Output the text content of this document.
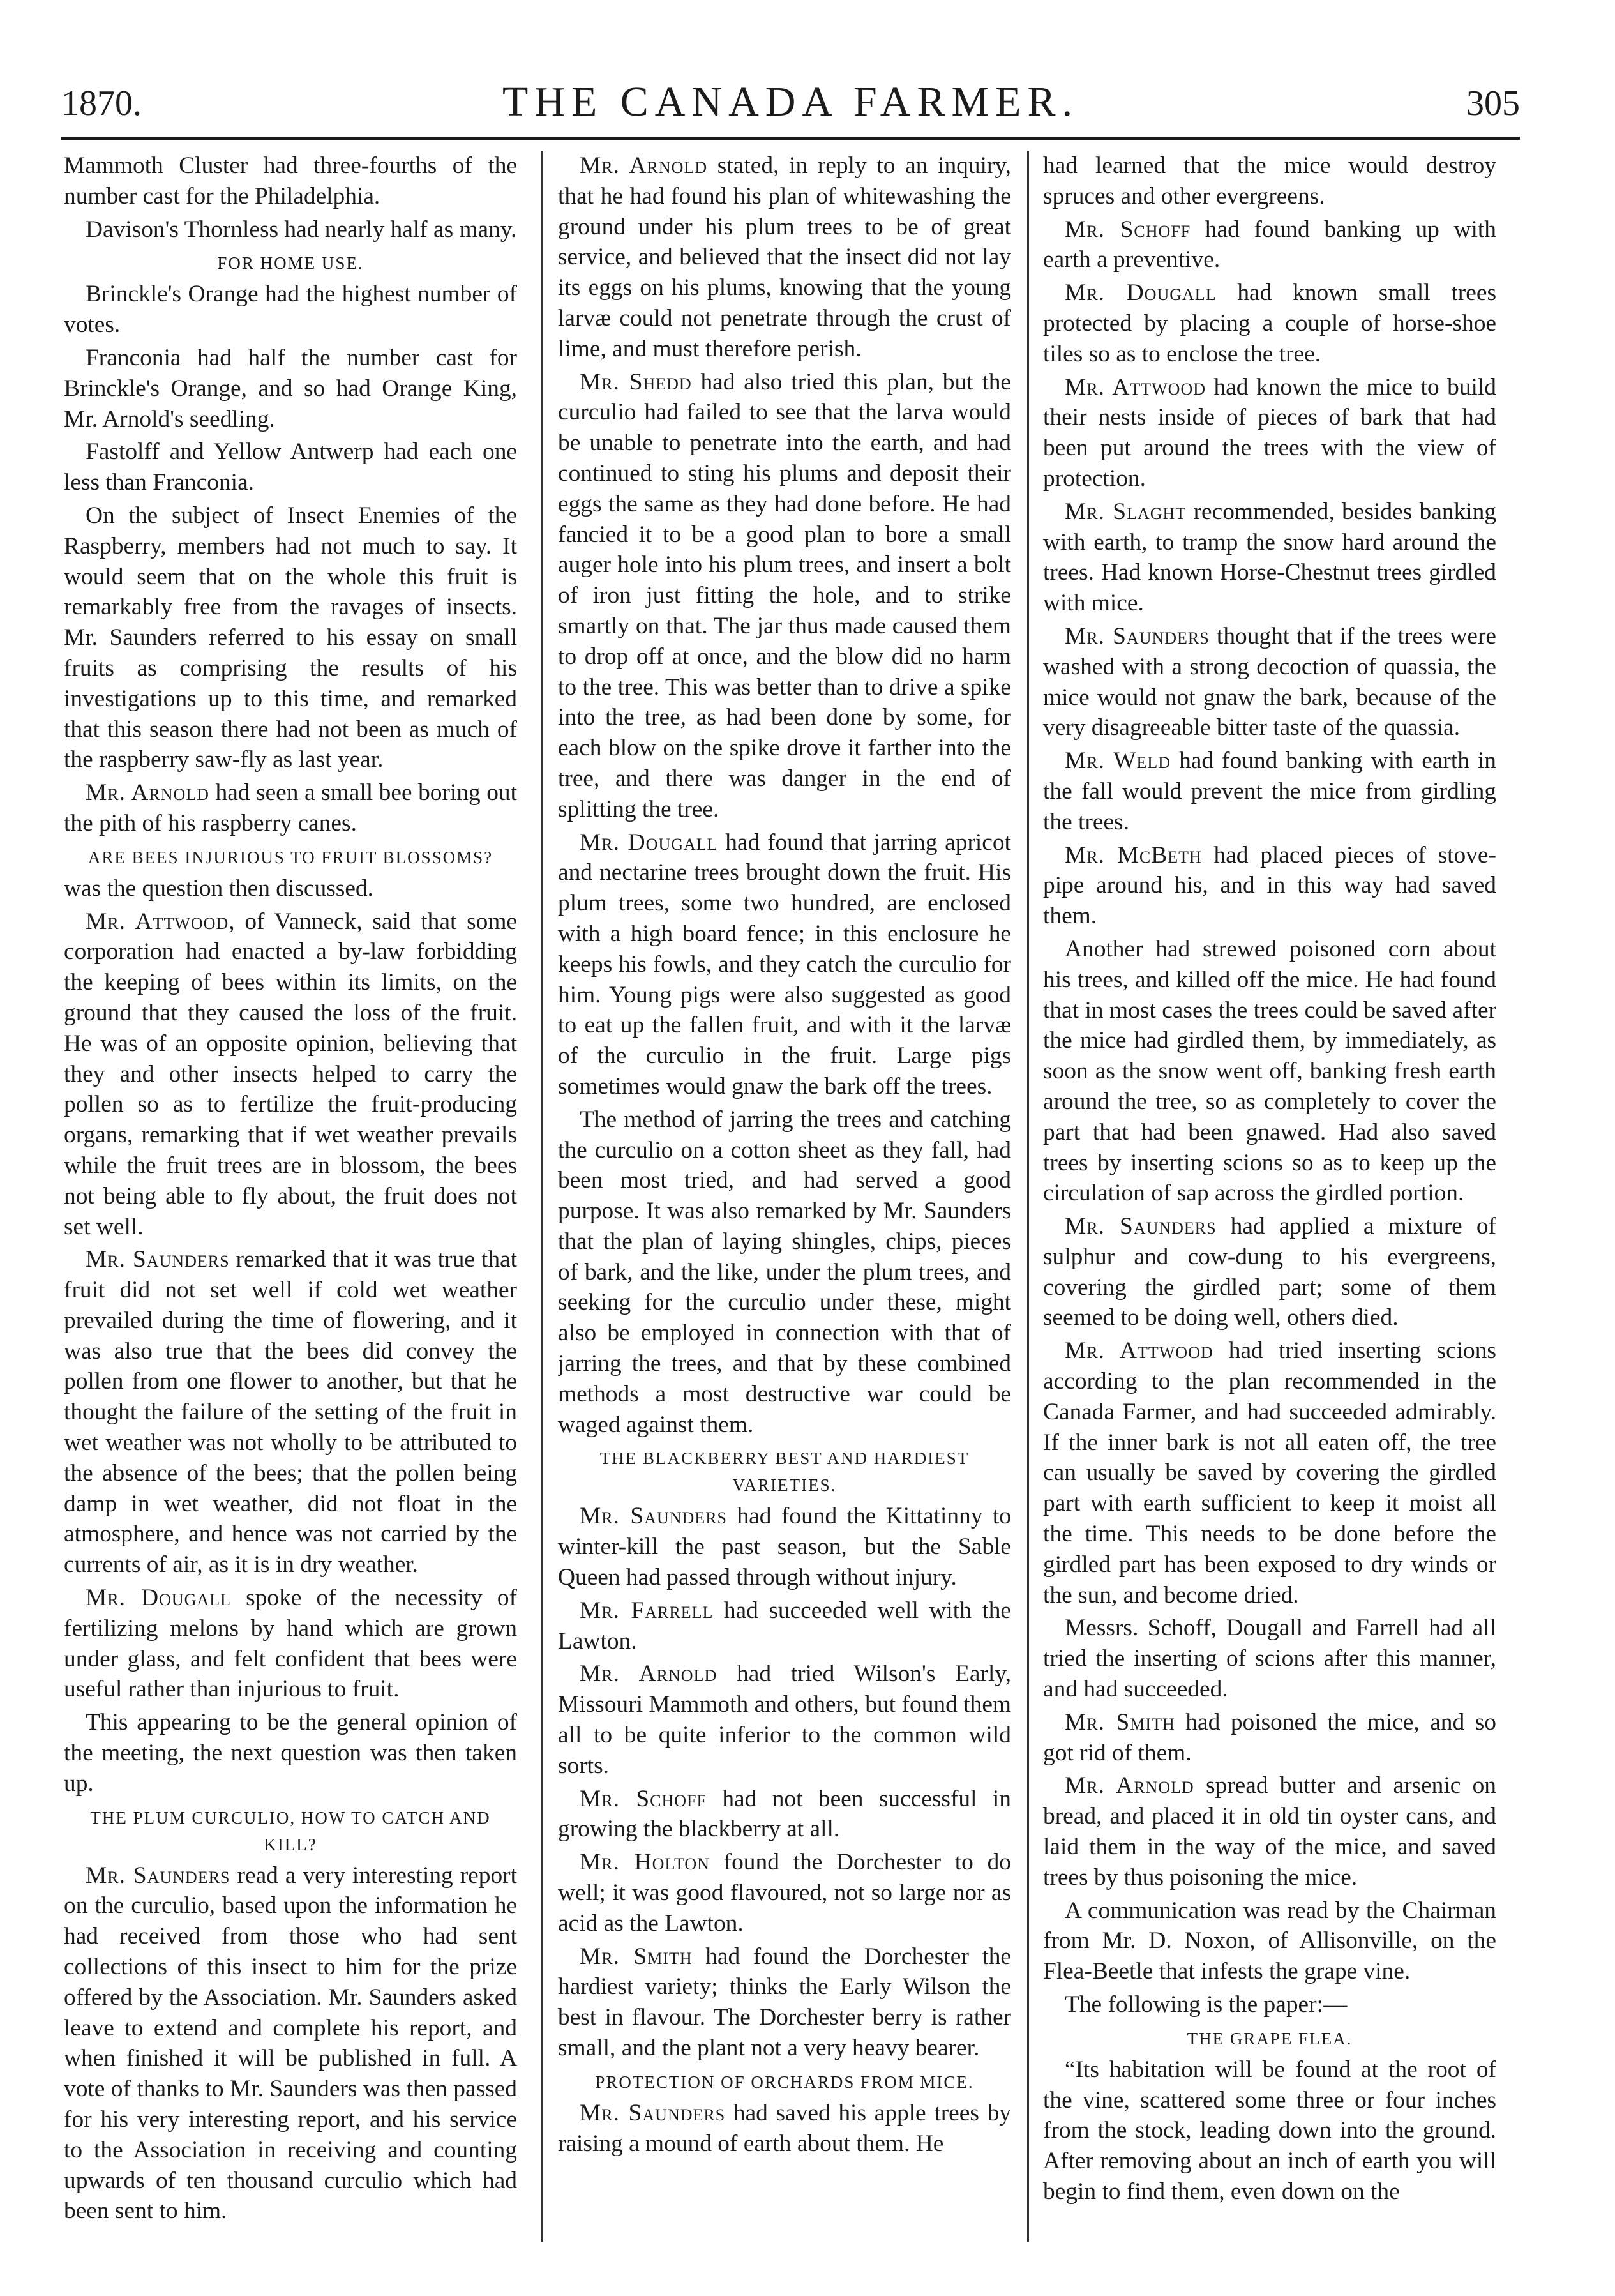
1870.	THE CANADA FARMER.	305

Mammoth Cluster had three-fourths of the number cast for the Philadelphia.

Davison's Thornless had nearly half as many.

FOR HOME USE.

Brinckle's Orange had the highest number of votes.

Franconia had half the number cast for Brinckle's Orange, and so had Orange King, Mr. Arnold's seedling.

Fastolff and Yellow Antwerp had each one less than Franconia.

On the subject of Insect Enemies of the Raspberry, members had not much to say. It would seem that on the whole this fruit is remarkably free from the ravages of insects. Mr. Saunders referred to his essay on small fruits as comprising the results of his investigations up to this time, and remarked that this season there had not been as much of the raspberry saw-fly as last year.

Mr. Arnold had seen a small bee boring out the pith of his raspberry canes.

ARE BEES INJURIOUS TO FRUIT BLOSSOMS?

was the question then discussed.

Mr. Attwood, of Vanneck, said that some corporation had enacted a by-law forbidding the keeping of bees within its limits, on the ground that they caused the loss of the fruit. He was of an opposite opinion, believing that they and other insects helped to carry the pollen so as to fertilize the fruit-producing organs, remarking that if wet weather prevails while the fruit trees are in blossom, the bees not being able to fly about, the fruit does not set well.

Mr. Saunders remarked that it was true that fruit did not set well if cold wet weather prevailed during the time of flowering, and it was also true that the bees did convey the pollen from one flower to another, but that he thought the failure of the setting of the fruit in wet weather was not wholly to be attributed to the absence of the bees; that the pollen being damp in wet weather, did not float in the atmosphere, and hence was not carried by the currents of air, as it is in dry weather.

Mr. Dougall spoke of the necessity of fertilizing melons by hand which are grown under glass, and felt confident that bees were useful rather than injurious to fruit.

This appearing to be the general opinion of the meeting, the next question was then taken up.

THE PLUM CURCULIO, HOW TO CATCH AND KILL?

Mr. Saunders read a very interesting report on the curculio, based upon the information he had received from those who had sent collections of this insect to him for the prize offered by the Association. Mr. Saunders asked leave to extend and complete his report, and when finished it will be published in full. A vote of thanks to Mr. Saunders was then passed for his very interesting report, and his service to the Association in receiving and counting upwards of ten thousand curculio which had been sent to him.

Mr. Arnold stated, in reply to an inquiry, that he had found his plan of whitewashing the ground under his plum trees to be of great service, and believed that the insect did not lay its eggs on his plums, knowing that the young larvæ could not penetrate through the crust of lime, and must therefore perish.

Mr. Shedd had also tried this plan, but the curculio had failed to see that the larva would be unable to penetrate into the earth, and had continued to sting his plums and deposit their eggs the same as they had done before. He had fancied it to be a good plan to bore a small auger hole into his plum trees, and insert a bolt of iron just fitting the hole, and to strike smartly on that. The jar thus made caused them to drop off at once, and the blow did no harm to the tree. This was better than to drive a spike into the tree, as had been done by some, for each blow on the spike drove it farther into the tree, and there was danger in the end of splitting the tree.

Mr. Dougall had found that jarring apricot and nectarine trees brought down the fruit. His plum trees, some two hundred, are enclosed with a high board fence; in this enclosure he keeps his fowls, and they catch the curculio for him. Young pigs were also suggested as good to eat up the fallen fruit, and with it the larvæ of the curculio in the fruit. Large pigs sometimes would gnaw the bark off the trees.

The method of jarring the trees and catching the curculio on a cotton sheet as they fall, had been most tried, and had served a good purpose. It was also remarked by Mr. Saunders that the plan of laying shingles, chips, pieces of bark, and the like, under the plum trees, and seeking for the curculio under these, might also be employed in connection with that of jarring the trees, and that by these combined methods a most destructive war could be waged against them.

THE BLACKBERRY BEST AND HARDIEST VARIETIES.

Mr. Saunders had found the Kittatinny to winter-kill the past season, but the Sable Queen had passed through without injury.

Mr. Farrell had succeeded well with the Lawton.

Mr. Arnold had tried Wilson's Early, Missouri Mammoth and others, but found them all to be quite inferior to the common wild sorts.

Mr. Schoff had not been successful in growing the blackberry at all.

Mr. Holton found the Dorchester to do well; it was good flavoured, not so large nor as acid as the Lawton.

Mr. Smith had found the Dorchester the hardiest variety; thinks the Early Wilson the best in flavour. The Dorchester berry is rather small, and the plant not a very heavy bearer.

PROTECTION OF ORCHARDS FROM MICE.

Mr. Saunders had saved his apple trees by raising a mound of earth about them. He

had learned that the mice would destroy spruces and other evergreens.

Mr. Schoff had found banking up with earth a preventive.

Mr. Dougall had known small trees protected by placing a couple of horse-shoe tiles so as to enclose the tree.

Mr. Attwood had known the mice to build their nests inside of pieces of bark that had been put around the trees with the view of protection.

Mr. Slaght recommended, besides banking with earth, to tramp the snow hard around the trees. Had known Horse-Chestnut trees girdled with mice.

Mr. Saunders thought that if the trees were washed with a strong decoction of quassia, the mice would not gnaw the bark, because of the very disagreeable bitter taste of the quassia.

Mr. Weld had found banking with earth in the fall would prevent the mice from girdling the trees.

Mr. McBeth had placed pieces of stove-pipe around his, and in this way had saved them.

Another had strewed poisoned corn about his trees, and killed off the mice. He had found that in most cases the trees could be saved after the mice had girdled them, by immediately, as soon as the snow went off, banking fresh earth around the tree, so as completely to cover the part that had been gnawed. Had also saved trees by inserting scions so as to keep up the circulation of sap across the girdled portion.

Mr. Saunders had applied a mixture of sulphur and cow-dung to his evergreens, covering the girdled part; some of them seemed to be doing well, others died.

Mr. Attwood had tried inserting scions according to the plan recommended in the Canada Farmer, and had succeeded admirably. If the inner bark is not all eaten off, the tree can usually be saved by covering the girdled part with earth sufficient to keep it moist all the time. This needs to be done before the girdled part has been exposed to dry winds or the sun, and become dried.

Messrs. Schoff, Dougall and Farrell had all tried the inserting of scions after this manner, and had succeeded.

Mr. Smith had poisoned the mice, and so got rid of them.

Mr. Arnold spread butter and arsenic on bread, and placed it in old tin oyster cans, and laid them in the way of the mice, and saved trees by thus poisoning the mice.

A communication was read by the Chairman from Mr. D. Noxon, of Allisonville, on the Flea-Beetle that infests the grape vine.

The following is the paper:—

THE GRAPE FLEA.

“Its habitation will be found at the root of the vine, scattered some three or four inches from the stock, leading down into the ground. After removing about an inch of earth you will begin to find them, even down on the
